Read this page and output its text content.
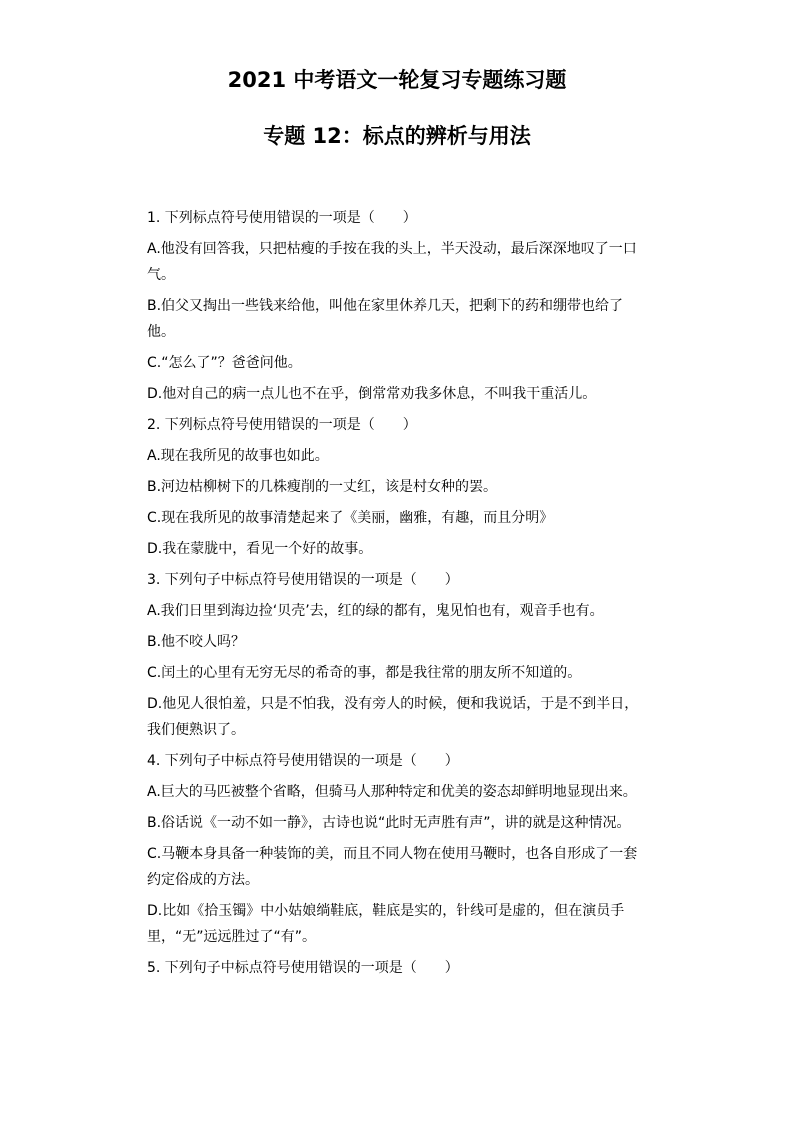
2021 中考语文一轮复习专题练习题
专题 12：标点的辨析与用法

1. 下列标点符号使用错误的一项是（　　）

A.他没有回答我，只把枯瘦的手按在我的头上，半天没动，最后深深地叹了一口气。

B.伯父又掏出一些钱来给他，叫他在家里休养几天，把剩下的药和绷带也给了他。

C.“怎么了”？爸爸问他。

D.他对自己的病一点儿也不在乎，倒常常劝我多休息，不叫我干重活儿。

2. 下列标点符号使用错误的一项是（　　）

A.现在我所见的故事也如此。

B.河边枯柳树下的几株瘦削的一丈红，该是村女种的罢。

C.现在我所见的故事清楚起来了《美丽，幽雅，有趣，而且分明》

D.我在蒙胧中，看见一个好的故事。

3. 下列句子中标点符号使用错误的一项是（　　）

A.我们日里到海边捡‘贝壳’去，红的绿的都有，鬼见怕也有，观音手也有。

B.他不咬人吗？

C.闰土的心里有无穷无尽的希奇的事，都是我往常的朋友所不知道的。

D.他见人很怕羞，只是不怕我，没有旁人的时候，便和我说话，于是不到半日，我们便熟识了。

4. 下列句子中标点符号使用错误的一项是（　　）

A.巨大的马匹被整个省略，但骑马人那种特定和优美的姿态却鲜明地显现出来。

B.俗话说《一动不如一静》，古诗也说“此时无声胜有声”，讲的就是这种情况。

C.马鞭本身具备一种装饰的美，而且不同人物在使用马鞭时，也各自形成了一套约定俗成的方法。

D.比如《拾玉镯》中小姑娘绱鞋底，鞋底是实的，针线可是虚的，但在演员手里，“无”远远胜过了“有”。

5. 下列句子中标点符号使用错误的一项是（　　）
